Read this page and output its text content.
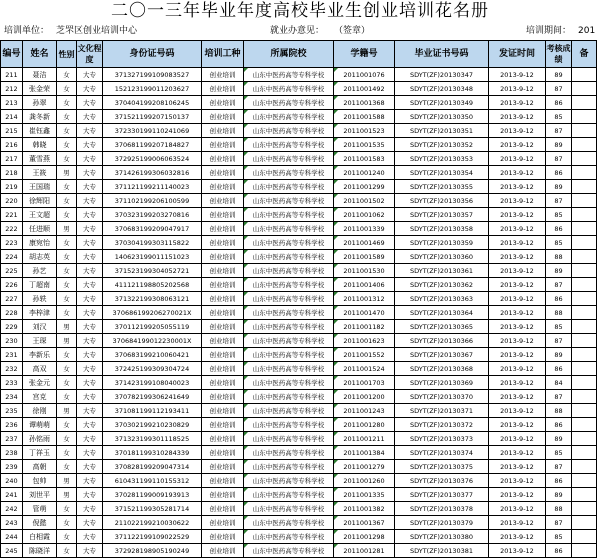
二〇一三年毕业年度高校毕业生创业培训花名册
培训单位： 芝罘区创业培训中心	就业办意见： （签章）	培训期间： 201
编号	姓名	性别	文化程度	身份证号码	培训工种	所属院校	学籍号	毕业证书号码	发证时间	考核成绩	备
211	聂洁	女	大专	371327199109083527	创业培训	山东中医药高等专科学校	2011001076	SDYT(ZF)20130347	2013-9-12	89	
212	张金荣	女	大专	152123199011203627	创业培训	山东中医药高等专科学校	2011001492	SDYT(ZF)20130348	2013-9-12	87	
213	孙翠	女	大专	370404199208106245	创业培训	山东中医药高等专科学校	2011001368	SDYT(ZF)20130349	2013-9-12	86	
214	龚冬新	女	大专	371521199207150137	创业培训	山东中医药高等专科学校	2011001588	SDYT(ZF)20130350	2013-9-12	85	
215	崔钰鑫	女	大专	372330199110241069	创业培训	山东中医药高等专科学校	2011001523	SDYT(ZF)20130351	2013-9-12	87	
216	韩晓	女	大专	370681199207184827	创业培训	山东中医药高等专科学校	2011001535	SDYT(ZF)20130352	2013-9-12	89	
217	董雪燕	女	大专	372925199006063524	创业培训	山东中医药高等专科学校	2011001583	SDYT(ZF)20130353	2013-9-12	87	
218	王筱	男	大专	371426199306032816	创业培训	山东中医药高等专科学校	2011001240	SDYT(ZF)20130354	2013-9-12	86	
219	王国瑞	女	大专	371121199211140023	创业培训	山东中医药高等专科学校	2011001299	SDYT(ZF)20130355	2013-9-12	89	
220	徐辉阳	女	大专	371102199206100599	创业培训	山东中医药高等专科学校	2011001502	SDYT(ZF)20130356	2013-9-12	87	
221	王文超	女	大专	370323199203270816	创业培训	山东中医药高等专科学校	2011001062	SDYT(ZF)20130357	2013-9-12	85	
222	任进顺	男	大专	370683199209047917	创业培训	山东中医药高等专科学校	2011001339	SDYT(ZF)20130358	2013-9-12	86	
223	康宛怡	女	大专	370304199303115822	创业培训	山东中医药高等专科学校	2011001469	SDYT(ZF)20130359	2013-9-12	85	
224	胡志英	女	大专	140623199011151023	创业培训	山东中医药高等专科学校	2011001589	SDYT(ZF)20130360	2013-9-12	88	
225	孙艺	女	大专	371523199304052721	创业培训	山东中医药高等专科学校	2011001530	SDYT(ZF)20130361	2013-9-12	89	
226	丁超南	女	大专	411121198805202568	创业培训	山东中医药高等专科学校	2011001406	SDYT(ZF)20130362	2013-9-12	87	
227	孙轶	女	大专	371322199308063121	创业培训	山东中医药高等专科学校	2011001312	SDYT(ZF)20130363	2013-9-12	86	
228	李梓津	女	大专	370686199206270021X	创业培训	山东中医药高等专科学校	2011001470	SDYT(ZF)20130364	2013-9-12	88	
229	刘汉	男	大专	370112199205055119	创业培训	山东中医药高等专科学校	2011001182	SDYT(ZF)20130365	2013-9-12	85	
230	王琛	男	大专	370684199012230001X	创业培训	山东中医药高等专科学校	2011001623	SDYT(ZF)20130366	2013-9-12	87	
231	李新乐	女	大专	370683199210060421	创业培训	山东中医药高等专科学校	2011001552	SDYT(ZF)20130367	2013-9-12	89	
232	高双	女	大专	372425199309304724	创业培训	山东中医药高等专科学校	2011001524	SDYT(ZF)20130368	2013-9-12	86	
233	张金元	女	大专	371423199108040023	创业培训	山东中医药高等专科学校	2011001703	SDYT(ZF)20130369	2013-9-12	84	
234	宫克	女	大专	370782199306241649	创业培训	山东中医药高等专科学校	2011001200	SDYT(ZF)20130370	2013-9-12	87	
235	徐刚	男	大专	371081199112193411	创业培训	山东中医药高等专科学校	2011001243	SDYT(ZF)20130371	2013-9-12	88	
236	谭萌萌	女	大专	370302199210230829	创业培训	山东中医药高等专科学校	2011001280	SDYT(ZF)20130372	2013-9-12	86	
237	孙铭雨	女	大专	371323199301118525	创业培训	山东中医药高等专科学校	2011001211	SDYT(ZF)20130373	2013-9-12	89	
238	丁祥玉	女	大专	370181199310284339	创业培训	山东中医药高等专科学校	2011001384	SDYT(ZF)20130374	2013-9-12	85	
239	高朝	女	大专	370828199209047314	创业培训	山东中医药高等专科学校	2011001279	SDYT(ZF)20130375	2013-9-12	87	
240	包帅	男	大专	610431199110155312	创业培训	山东中医药高等专科学校	2011001260	SDYT(ZF)20130376	2013-9-12	86	
241	刘世平	男	大专	370281199009193913	创业培训	山东中医药高等专科学校	2011001335	SDYT(ZF)20130377	2013-9-12	89	
242	管萌	女	大专	371521199305281714	创业培训	山东中医药高等专科学校	2011001382	SDYT(ZF)20130378	2013-9-12	88	
243	倪懿	女	大专	211022199210030622	创业培训	山东中医药高等专科学校	2011001367	SDYT(ZF)20130379	2013-9-12	87	
244	白相霞	女	大专	371122199109022529	创业培训	山东中医药高等专科学校	2011001298	SDYT(ZF)20130380	2013-9-12	85	
245	陈晓洋	女	大专	372928198905190249	创业培训	山东中医药高等专科学校	2011001281	SDYT(ZF)20130381	2013-9-12	86	
